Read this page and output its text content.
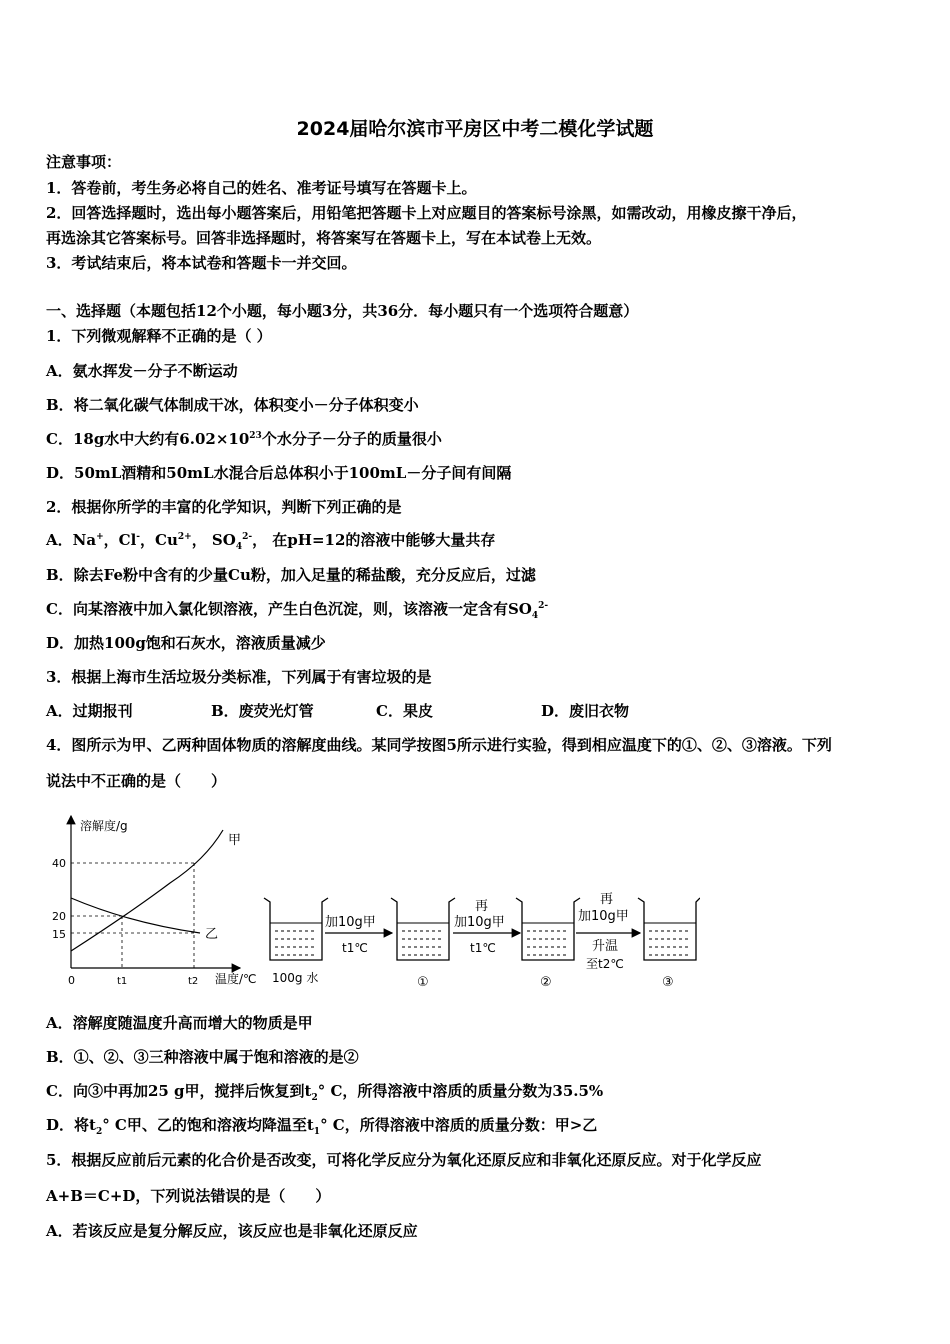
2024届哈尔滨市平房区中考二模化学试题
注意事项：
1．答卷前，考生务必将自己的姓名、准考证号填写在答题卡上。
2．回答选择题时，选出每小题答案后，用铅笔把答题卡上对应题目的答案标号涂黑，如需改动，用橡皮擦干净后，
再选涂其它答案标号。回答非选择题时，将答案写在答题卡上，写在本试卷上无效。
3．考试结束后，将本试卷和答题卡一并交回。
一、选择题（本题包括12个小题，每小题3分，共36分．每小题只有一个选项符合题意）
1．下列微观解释不正确的是（ ）
A．氨水挥发－分子不断运动
B．将二氧化碳气体制成干冰，体积变小－分子体积变小
C．18g水中大约有$6.02\times 10^{23}$个水分子－分子的质量很小
D．50mL酒精和50mL水混合后总体积小于100mL－分子间有间隔
2．根据你所学的丰富的化学知识，判断下列正确的是
A．Na+，Cl-，$Cu^{2+}$， $SO_4^{2-}$， 在pH=12的溶液中能够大量共存
B．除去Fe粉中含有的少量Cu粉，加入足量的稀盐酸，充分反应后，过滤
C．向某溶液中加入氯化钡溶液，产生白色沉淀，则，该溶液一定含有$SO_4^{2-}$
D．加热100g饱和石灰水，溶液质量减少
3．根据上海市生活垃圾分类标准，下列属于有害垃圾的是
A．过期报刊	B．废荧光灯管	C．果皮	D．废旧衣物
4．图所示为甲、乙两种固体物质的溶解度曲线。某同学按图5所示进行实验，得到相应温度下的①、②、③溶液。下列
说法中不正确的是（　　）
溶解度/g
温度/℃
40
20
15
0	t1	t2
甲
乙
100g 水
加10g甲
t1℃
①
再
加10g甲
t1℃
②
再
加10g甲
升温
至t2℃
③
A．溶解度随温度升高而增大的物质是甲
B．①、②、③三种溶液中属于饱和溶液的是②
C．向③中再加25 g甲，搅拌后恢复到$t_2^\circ$ C，所得溶液中溶质的质量分数为35.5%
D．将$t_2^\circ$ C甲、乙的饱和溶液均降温至$t_1^\circ$ C，所得溶液中溶质的质量分数：甲>乙
5．根据反应前后元素的化合价是否改变，可将化学反应分为氧化还原反应和非氧化还原反应。对于化学反应
A+B＝C+D，下列说法错误的是（　　）
A．若该反应是复分解反应，该反应也是非氧化还原反应
